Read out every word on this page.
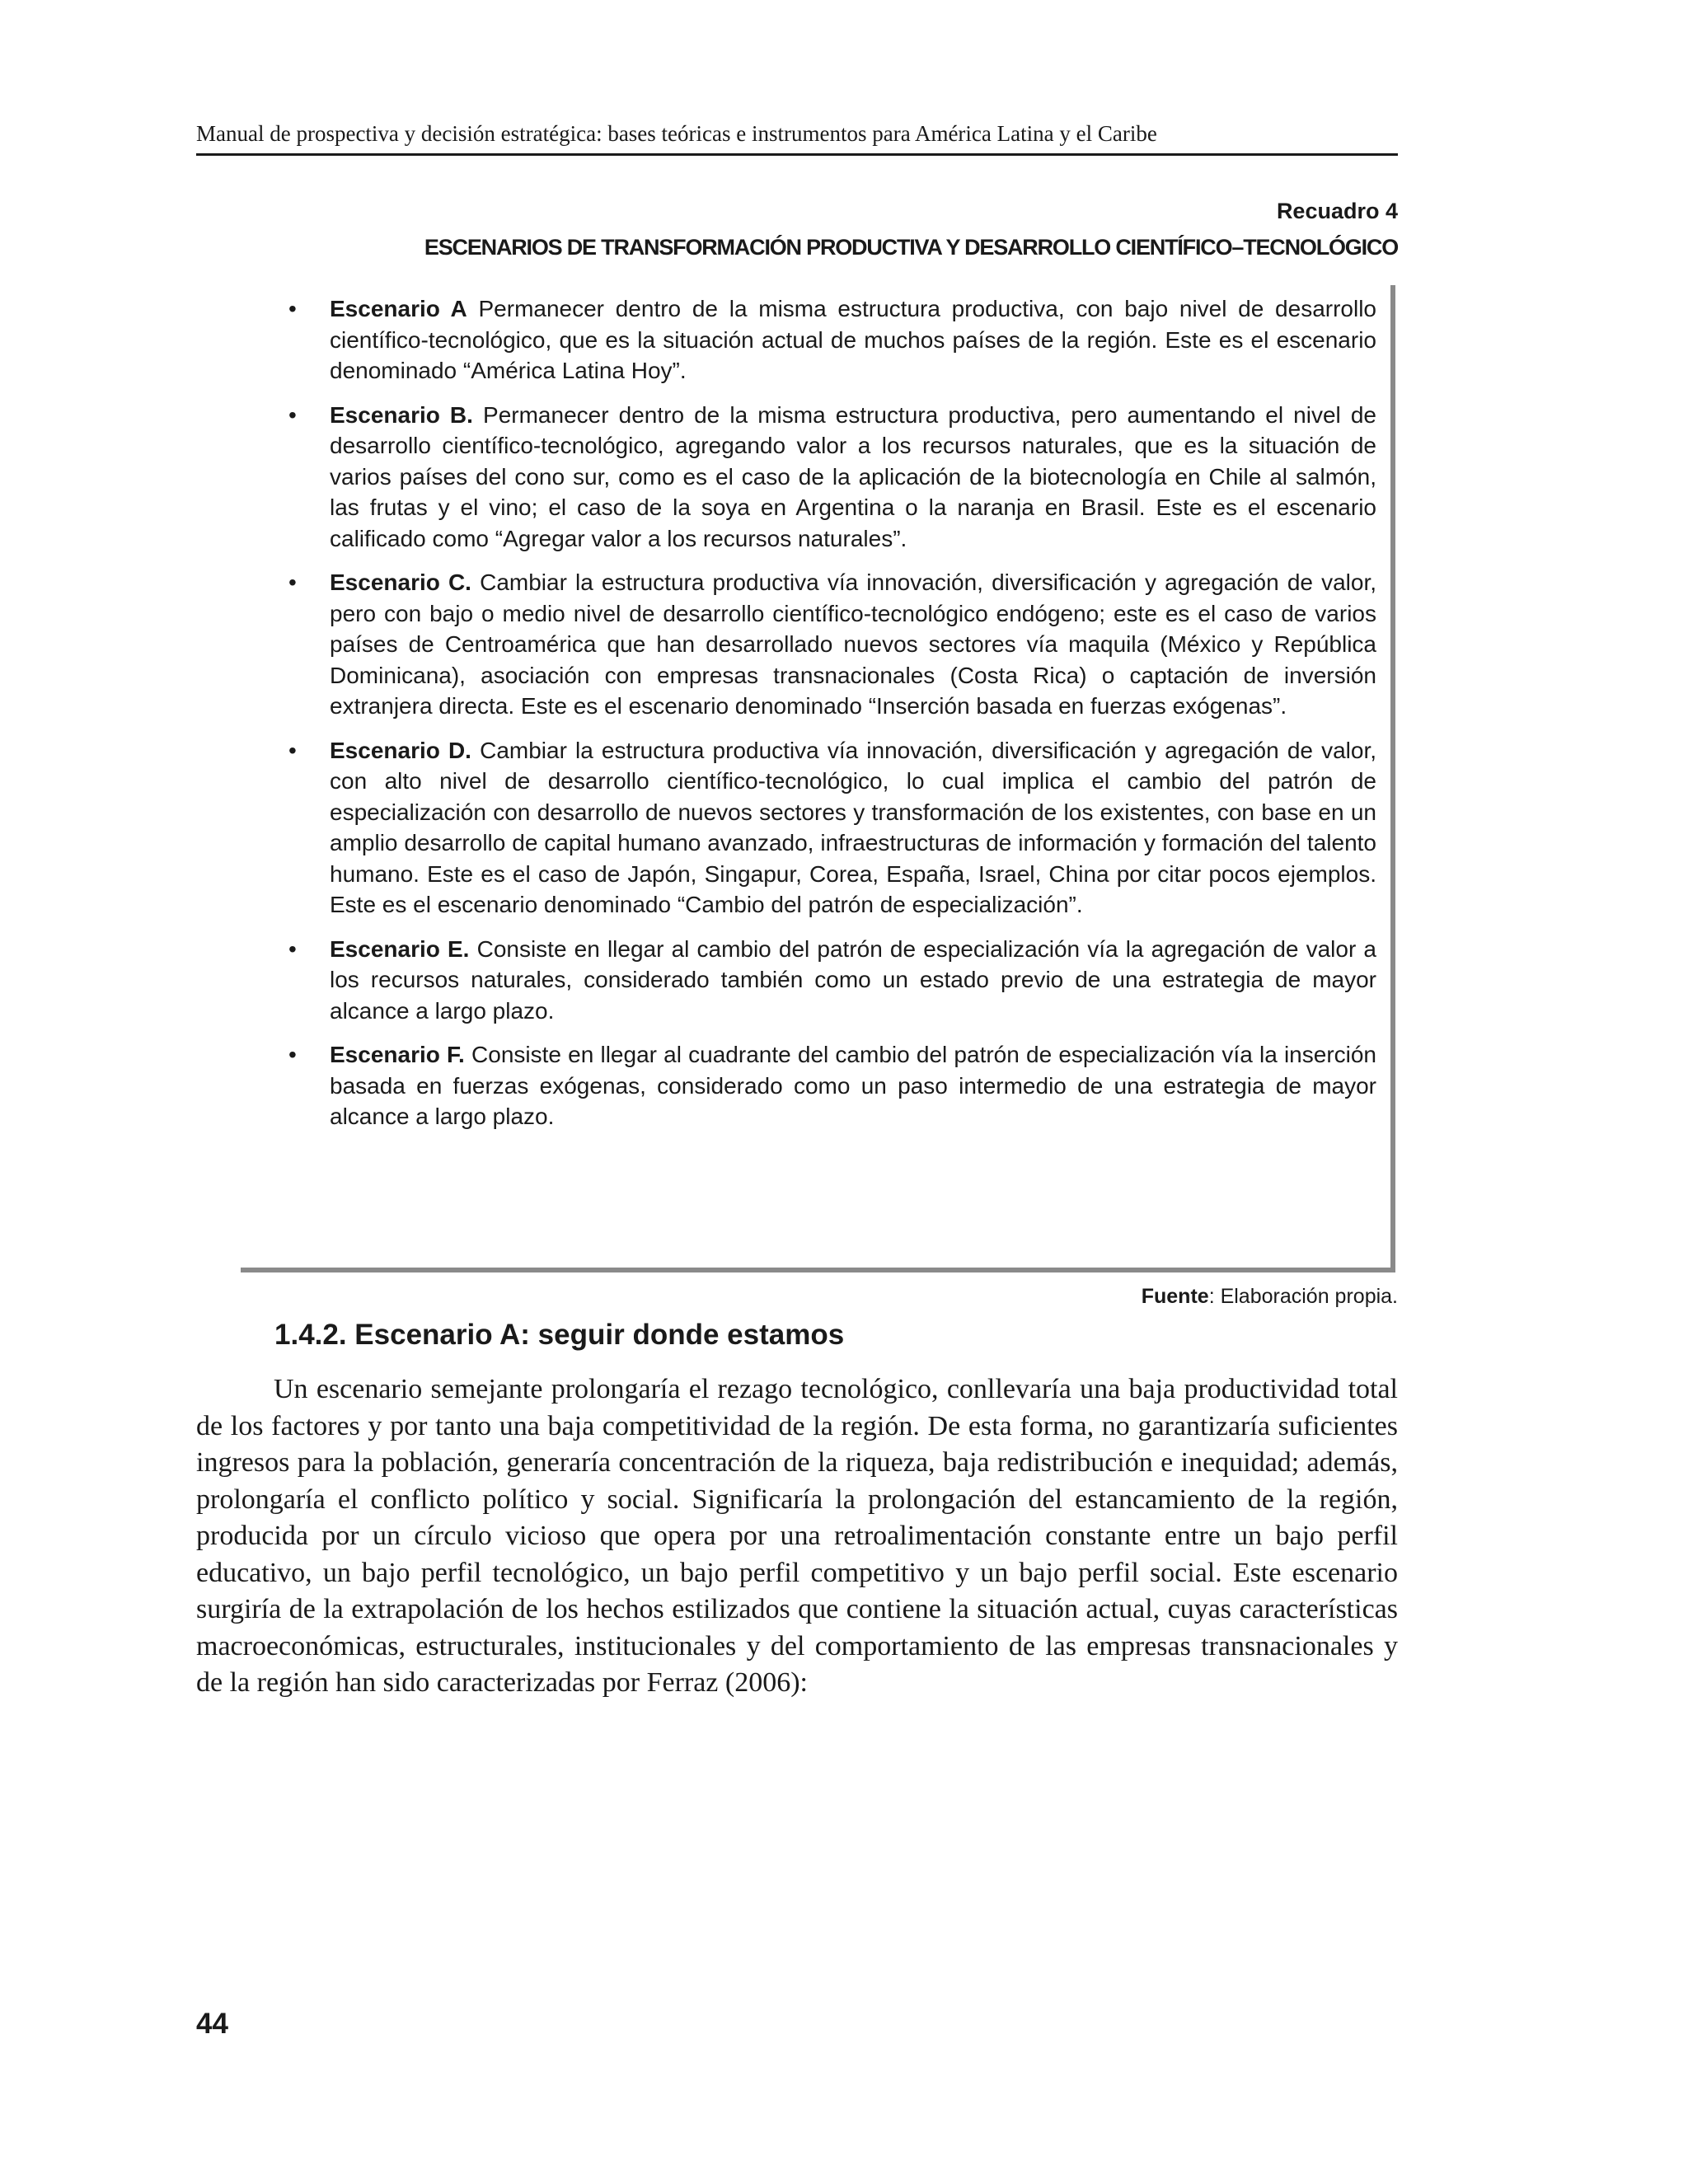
Manual de prospectiva y decisión estratégica: bases teóricas e instrumentos para América Latina y el Caribe
Recuadro 4
ESCENARIOS DE TRANSFORMACIÓN PRODUCTIVA Y DESARROLLO CIENTÍFICO–TECNOLÓGICO
•	Escenario A Permanecer dentro de la misma estructura productiva, con bajo nivel de desarrollo científico-tecnológico, que es la situación actual de muchos países de la región. Este es el escenario denominado “América Latina Hoy”.
•	Escenario B. Permanecer dentro de la misma estructura productiva, pero aumentando el nivel de desarrollo científico-tecnológico, agregando valor a los recursos naturales, que es la situación de varios países del cono sur, como es el caso de la aplicación de la biotecnología en Chile al salmón, las frutas y el vino; el caso de la soya en Argentina o la naranja en Brasil. Este es el escenario calificado como “Agregar valor a los recursos naturales”.
•	Escenario C. Cambiar la estructura productiva vía innovación, diversificación y agregación de valor, pero con bajo o medio nivel de desarrollo científico-tecnológico endógeno; este es el caso de varios países de Centroamérica que han desarrollado nuevos sectores vía maquila (México y República Dominicana), asociación con empresas transnacionales (Costa Rica) o captación de inversión extranjera directa. Este es el escenario denominado “Inserción basada en fuerzas exógenas”.
•	Escenario D. Cambiar la estructura productiva vía innovación, diversificación y agregación de valor, con alto nivel de desarrollo científico-tecnológico, lo cual implica el cambio del patrón de especialización con desarrollo de nuevos sectores y transformación de los existentes, con base en un amplio desarrollo de capital humano avanzado, infraestructuras de información y formación del talento humano. Este es el caso de Japón, Singapur, Corea, España, Israel, China por citar pocos ejemplos. Este es el escenario denominado “Cambio del patrón de especialización”.
•	Escenario E. Consiste en llegar al cambio del patrón de especialización vía la agregación de valor a los recursos naturales, considerado también como un estado previo de una estrategia de mayor alcance a largo plazo.
•	Escenario F. Consiste en llegar al cuadrante del cambio del patrón de especialización vía la inserción basada en fuerzas exógenas, considerado como un paso intermedio de una estrategia de mayor alcance a largo plazo.
Fuente: Elaboración propia.
1.4.2. Escenario A: seguir donde estamos

Un escenario semejante prolongaría el rezago tecnológico, conllevaría una baja productividad total de los factores y por tanto una baja competitividad de la región. De esta forma, no garantizaría suficientes ingresos para la población, generaría concentración de la riqueza, baja redistribución e inequidad; además, prolongaría el conflicto político y social. Significaría la prolongación del estancamiento de la región, producida por un círculo vicioso que opera por una retroalimentación constante entre un bajo perfil educativo, un bajo perfil tecnológico, un bajo perfil competitivo y un bajo perfil social. Este escenario surgiría de la extrapolación de los hechos estilizados que contiene la situación actual, cuyas características macroeconómicas, estructurales, institucionales y del comportamiento de las empresas transnacionales y de la región han sido caracterizadas por Ferraz (2006):

44
